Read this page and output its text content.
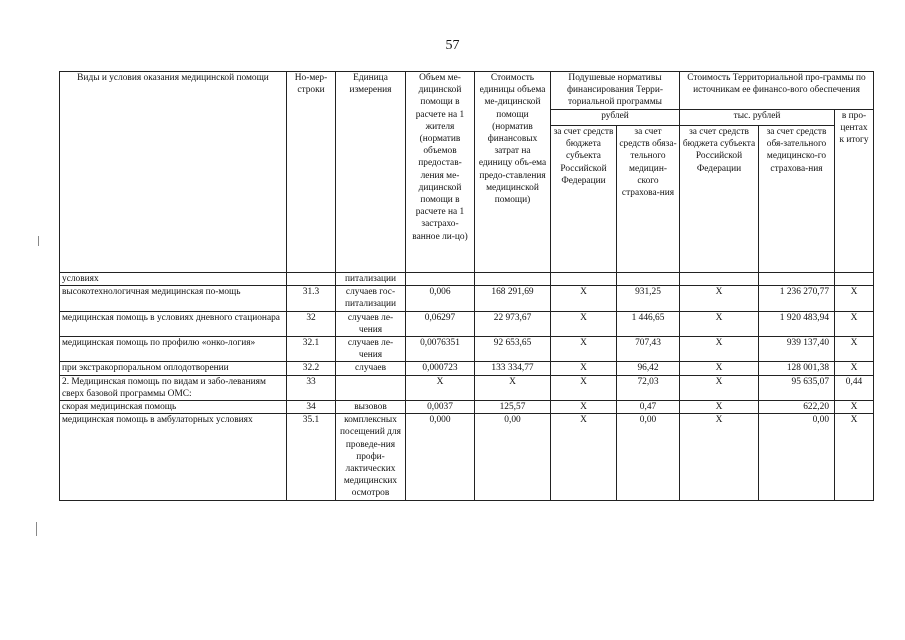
57
Виды и условия оказания медицинской помощи	Но-мер-строки	Единица измерения	Объем ме-дицинской помощи в расчете на 1 жителя (норматив объемов предостав-ления ме-дицинской помощи в расчете на 1 застрахо-ванное ли-цо)	Стоимость единицы объема ме-дицинской помощи (норматив финансовых затрат на единицу объ-ема предо-ставления медицинской помощи)	Подушевые нормативы финансирования Терри-ториальной программы		Стоимость Территориальной про-граммы по источникам ее финансо-вого обеспечения		
					рублей		тыс. рублей		в про-центах к итогу
					за счет средств бюджета субъекта Российской Федерации	за счет средств обяза-тельного медицин-ского страхова-ния	за счет средств бюджета субъекта Российской Федерации	за счет средств обя-зательного медицинско-го страхова-ния	
условиях		питализации							
высокотехнологичная медицинская по-мощь	31.3	случаев гос-питализации	0,006	168 291,69	X	931,25	X	1 236 270,77	X
медицинская помощь в условиях дневного стационара	32	случаев ле-чения	0,06297	22 973,67	X	1 446,65	X	1 920 483,94	X
медицинская помощь по профилю «онко-логия»	32.1	случаев ле-чения	0,0076351	92 653,65	X	707,43	X	939 137,40	X
при экстракорпоральном оплодотворении	32.2	случаев	0,000723	133 334,77	X	96,42	X	128 001,38	X
2. Медицинская помощь по видам и забо-леваниям сверх базовой программы ОМС:	33		X	X	X	72,03	X	95 635,07	0,44
скорая медицинская помощь	34	вызовов	0,0037	125,57	X	0,47	X	622,20	X
медицинская помощь в амбулаторных условиях	35.1	комплексных посещений для проведе-ния профи-лактических медицинских осмотров	0,000	0,00	X	0,00	X	0,00	X
